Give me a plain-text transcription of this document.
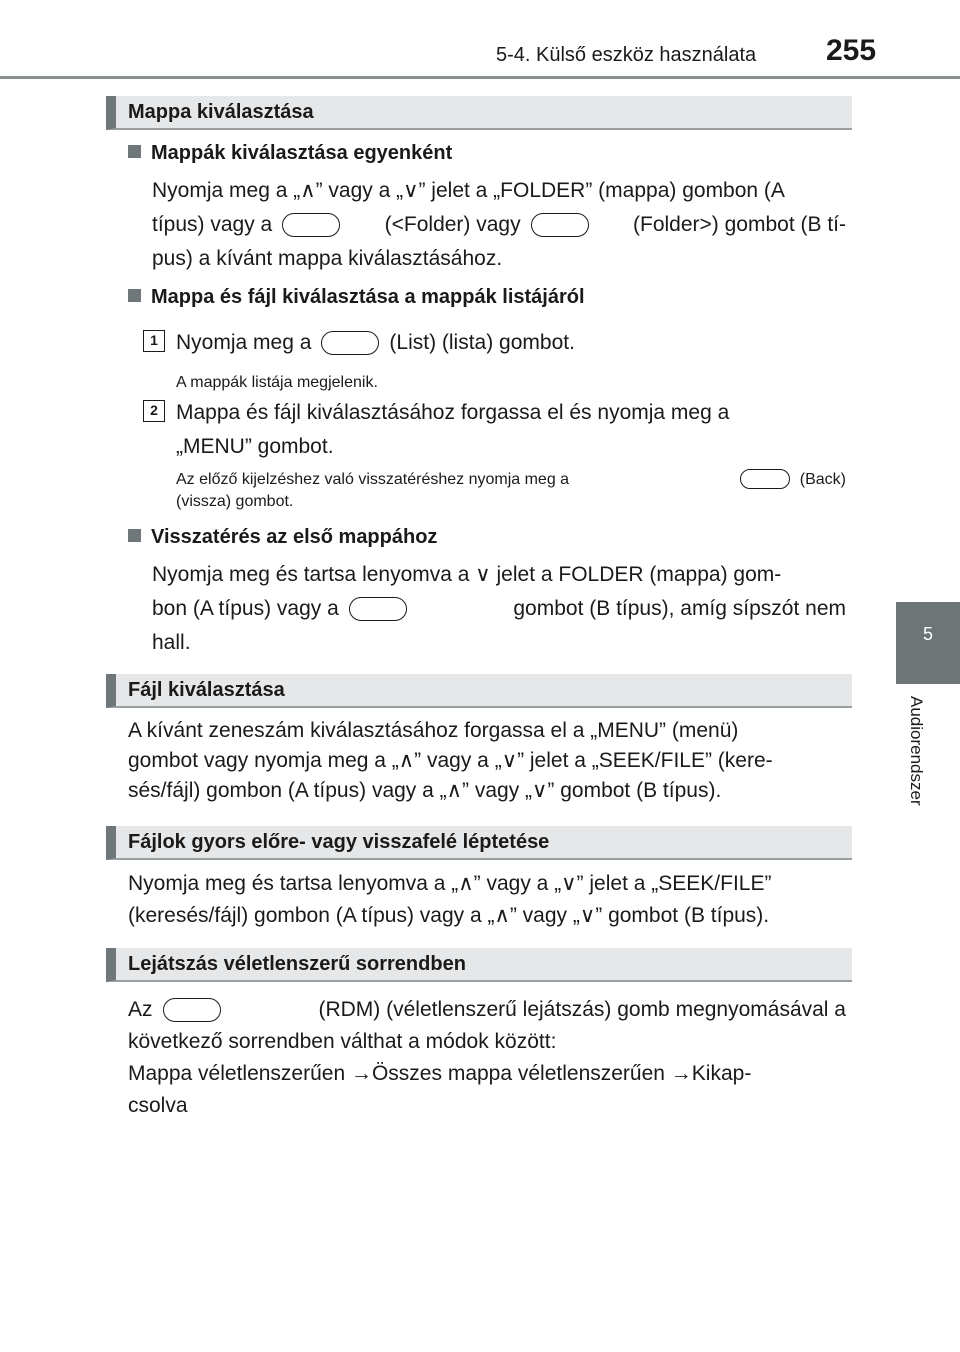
5-4. Külső eszköz használata 255
5
Audiorendszer
Mappa kiválasztása
Mappák kiválasztása egyenként
Nyomja meg a „∧” vagy a „∨” jelet a „FOLDER” (mappa) gombon (A
típus) vagy a	(<Folder) vagy	(Folder>) gombot (B tí-
pus) a kívánt mappa kiválasztásához.
Mappa és fájl kiválasztása a mappák listájáról
1 Nyomja meg a	(List) (lista) gombot.
A mappák listája megjelenik.
2 Mappa és fájl kiválasztásához forgassa el és nyomja meg a
„MENU” gombot.
Az előző kijelzéshez való visszatéréshez nyomja meg a	(Back)
(vissza) gombot.
Visszatérés az első mappához
Nyomja meg és tartsa lenyomva a ∨ jelet a FOLDER (mappa) gom-
bon (A típus) vagy a	gombot (B típus), amíg sípszót nem
hall.
Fájl kiválasztása
A kívánt zeneszám kiválasztásához forgassa el a „MENU” (menü)
gombot vagy nyomja meg a „∧” vagy a „∨” jelet a „SEEK/FILE” (kere-
sés/fájl) gombon (A típus) vagy a „∧” vagy „∨” gombot (B típus).
Fájlok gyors előre- vagy visszafelé léptetése
Nyomja meg és tartsa lenyomva a „∧” vagy a „∨” jelet a „SEEK/FILE”
(keresés/fájl) gombon (A típus) vagy a „∧” vagy „∨” gombot (B típus).
Lejátszás véletlenszerű sorrendben
Az	(RDM) (véletlenszerű lejátszás) gomb megnyomásával a
következő sorrendben válthat a módok között:
Mappa véletlenszerűen →Összes mappa véletlenszerűen →Kikap-
csolva
